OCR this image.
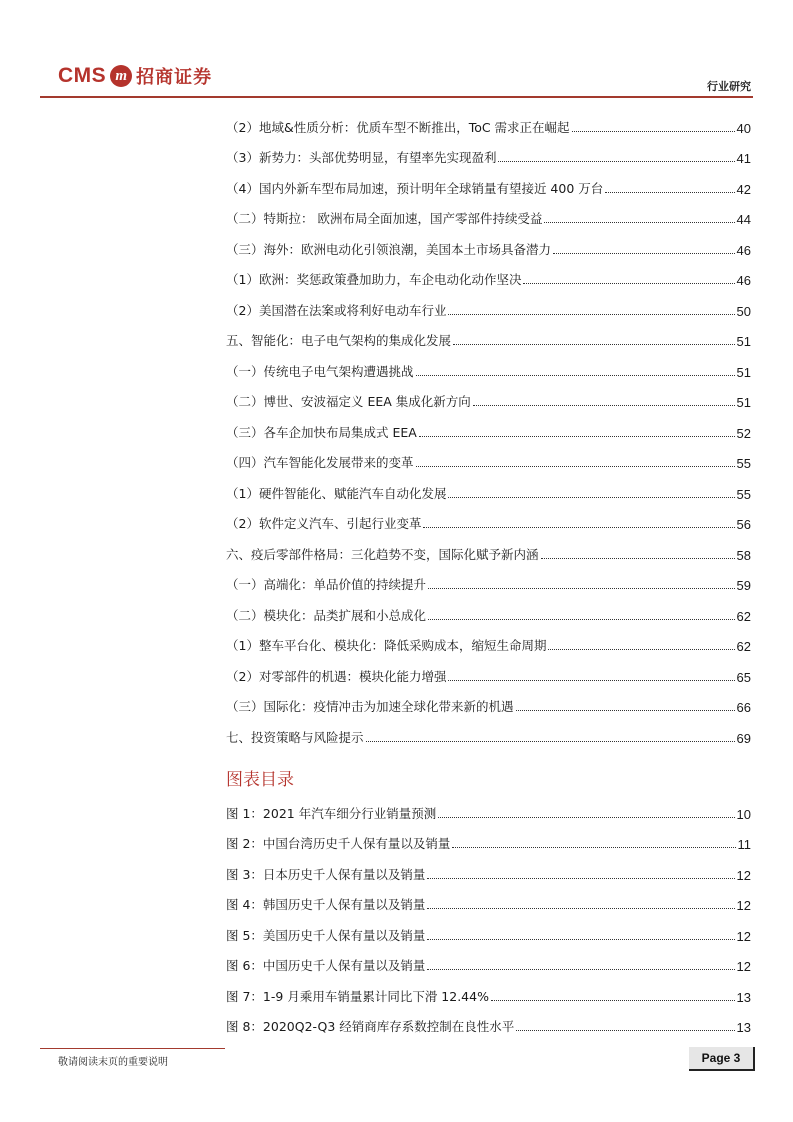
CMS m 招商证券	行业研究
（2）地域&性质分析：优质车型不断推出，ToC 需求正在崛起	40
（3）新势力：头部优势明显，有望率先实现盈利	41
（4）国内外新车型布局加速，预计明年全球销量有望接近 400 万台	42
（二）特斯拉： 欧洲布局全面加速，国产零部件持续受益	44
（三）海外：欧洲电动化引领浪潮，美国本土市场具备潜力	46
（1）欧洲：奖惩政策叠加助力，车企电动化动作坚决	46
（2）美国潜在法案或将利好电动车行业	50
五、智能化：电子电气架构的集成化发展	51
（一）传统电子电气架构遭遇挑战	51
（二）博世、安波福定义 EEA 集成化新方向	51
（三）各车企加快布局集成式 EEA	52
（四）汽车智能化发展带来的变革	55
（1）硬件智能化、赋能汽车自动化发展	55
（2）软件定义汽车、引起行业变革	56
六、疫后零部件格局：三化趋势不变，国际化赋予新内涵	58
（一）高端化：单品价值的持续提升	59
（二）模块化：品类扩展和小总成化	62
（1）整车平台化、模块化：降低采购成本，缩短生命周期	62
（2）对零部件的机遇：模块化能力增强	65
（三）国际化：疫情冲击为加速全球化带来新的机遇	66
七、投资策略与风险提示	69
图表目录
图 1：2021 年汽车细分行业销量预测	10
图 2：中国台湾历史千人保有量以及销量	11
图 3：日本历史千人保有量以及销量	12
图 4：韩国历史千人保有量以及销量	12
图 5：美国历史千人保有量以及销量	12
图 6：中国历史千人保有量以及销量	12
图 7：1-9 月乘用车销量累计同比下滑 12.44%	13
图 8：2020Q2-Q3 经销商库存系数控制在良性水平	13
敬请阅读末页的重要说明	Page 3
